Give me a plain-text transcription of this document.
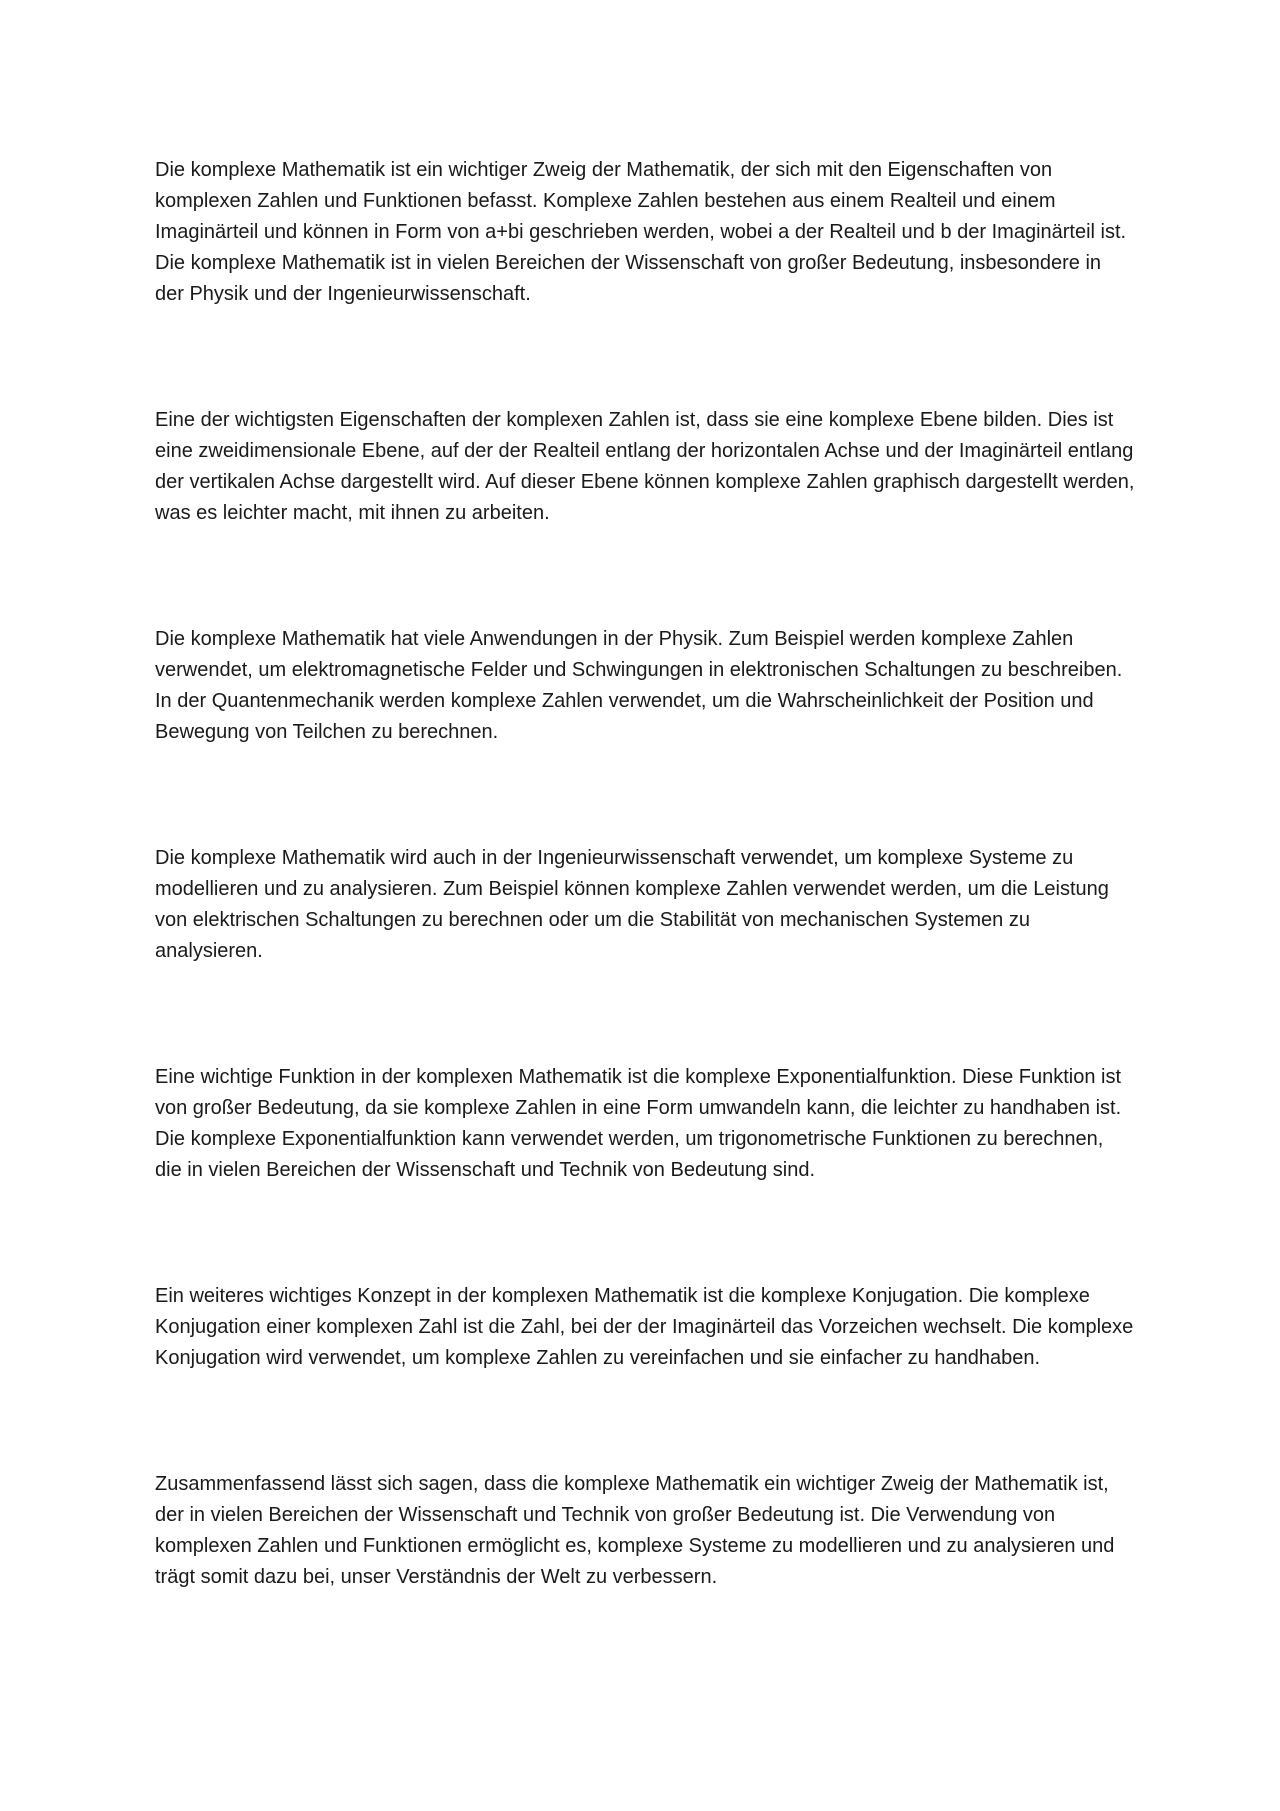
Die komplexe Mathematik ist ein wichtiger Zweig der Mathematik, der sich mit den Eigenschaften von komplexen Zahlen und Funktionen befasst. Komplexe Zahlen bestehen aus einem Realteil und einem Imaginärteil und können in Form von a+bi geschrieben werden, wobei a der Realteil und b der Imaginärteil ist. Die komplexe Mathematik ist in vielen Bereichen der Wissenschaft von großer Bedeutung, insbesondere in der Physik und der Ingenieurwissenschaft.

Eine der wichtigsten Eigenschaften der komplexen Zahlen ist, dass sie eine komplexe Ebene bilden. Dies ist eine zweidimensionale Ebene, auf der der Realteil entlang der horizontalen Achse und der Imaginärteil entlang der vertikalen Achse dargestellt wird. Auf dieser Ebene können komplexe Zahlen graphisch dargestellt werden, was es leichter macht, mit ihnen zu arbeiten.

Die komplexe Mathematik hat viele Anwendungen in der Physik. Zum Beispiel werden komplexe Zahlen verwendet, um elektromagnetische Felder und Schwingungen in elektronischen Schaltungen zu beschreiben. In der Quantenmechanik werden komplexe Zahlen verwendet, um die Wahrscheinlichkeit der Position und Bewegung von Teilchen zu berechnen.

Die komplexe Mathematik wird auch in der Ingenieurwissenschaft verwendet, um komplexe Systeme zu modellieren und zu analysieren. Zum Beispiel können komplexe Zahlen verwendet werden, um die Leistung von elektrischen Schaltungen zu berechnen oder um die Stabilität von mechanischen Systemen zu analysieren.

Eine wichtige Funktion in der komplexen Mathematik ist die komplexe Exponentialfunktion. Diese Funktion ist von großer Bedeutung, da sie komplexe Zahlen in eine Form umwandeln kann, die leichter zu handhaben ist. Die komplexe Exponentialfunktion kann verwendet werden, um trigonometrische Funktionen zu berechnen, die in vielen Bereichen der Wissenschaft und Technik von Bedeutung sind.

Ein weiteres wichtiges Konzept in der komplexen Mathematik ist die komplexe Konjugation. Die komplexe Konjugation einer komplexen Zahl ist die Zahl, bei der der Imaginärteil das Vorzeichen wechselt. Die komplexe Konjugation wird verwendet, um komplexe Zahlen zu vereinfachen und sie einfacher zu handhaben.

Zusammenfassend lässt sich sagen, dass die komplexe Mathematik ein wichtiger Zweig der Mathematik ist, der in vielen Bereichen der Wissenschaft und Technik von großer Bedeutung ist. Die Verwendung von komplexen Zahlen und Funktionen ermöglicht es, komplexe Systeme zu modellieren und zu analysieren und trägt somit dazu bei, unser Verständnis der Welt zu verbessern.
